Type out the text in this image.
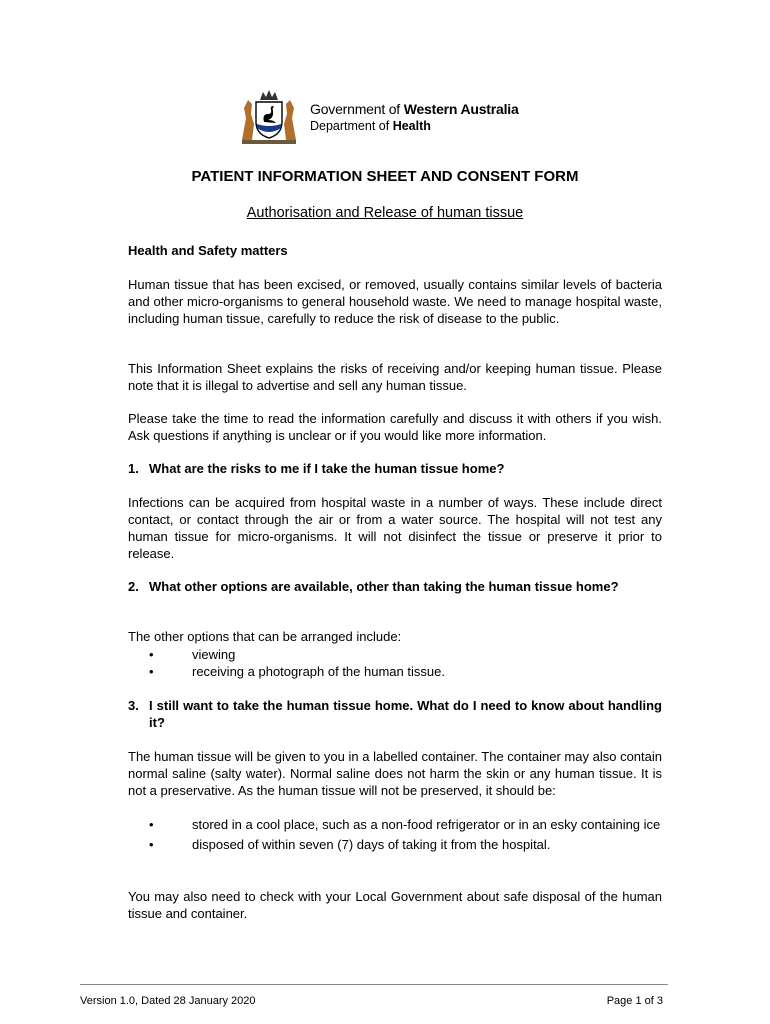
Government of Western Australia
Department of Health
PATIENT INFORMATION SHEET AND CONSENT FORM
Authorisation and Release of human tissue
Health and Safety matters
Human tissue that has been excised, or removed, usually contains similar levels of bacteria and other micro-organisms to general household waste. We need to manage hospital waste, including human tissue, carefully to reduce the risk of disease to the public.
This Information Sheet explains the risks of receiving and/or keeping human tissue. Please note that it is illegal to advertise and sell any human tissue.
Please take the time to read the information carefully and discuss it with others if you wish. Ask questions if anything is unclear or if you would like more information.
1. What are the risks to me if I take the human tissue home?
Infections can be acquired from hospital waste in a number of ways. These include direct contact, or contact through the air or from a water source. The hospital will not test any human tissue for micro-organisms. It will not disinfect the tissue or preserve it prior to release.
2. What other options are available, other than taking the human tissue home?
The other options that can be arranged include:
•	viewing
•	receiving a photograph of the human tissue.
3. I still want to take the human tissue home. What do I need to know about handling it?
The human tissue will be given to you in a labelled container. The container may also contain normal saline (salty water). Normal saline does not harm the skin or any human tissue. It is not a preservative. As the human tissue will not be preserved, it should be:
•	stored in a cool place, such as a non-food refrigerator or in an esky containing ice
•	disposed of within seven (7) days of taking it from the hospital.
You may also need to check with your Local Government about safe disposal of the human tissue and container.
Version 1.0, Dated 28 January 2020	Page 1 of 3
